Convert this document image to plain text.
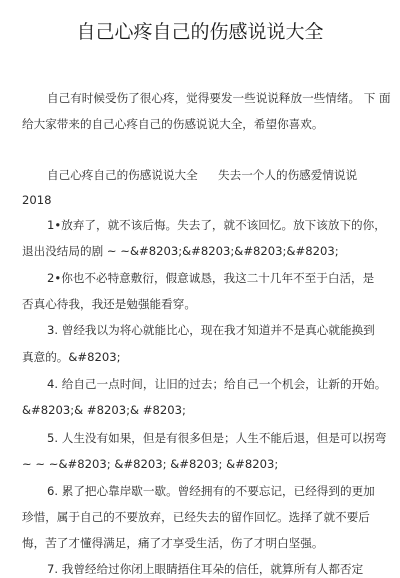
自己心疼自己的伤感说说大全
自己有时候受伤了很心疼，觉得要发一些说说释放一些情绪。 下 面
给大家带来的自己心疼自己的伤感说说大全，希望你喜欢。
自己心疼自己的伤感说说大全 失去一个人的伤感爱情说说
2018
1•放弃了，就不该后悔。失去了，就不该回忆。放下该放下的你，
退出没结局的剧 ~ ~&#8203;&#8203;&#8203;&#8203;
2•你也不必特意敷衍，假意诚恳，我这二十几年不至于白活，是
否真心待我，我还是勉强能看穿。
3. 曾经我以为将心就能比心，现在我才知道并不是真心就能换到
真意的。&#8203;
4. 给自己一点时间，让旧的过去；给自己一个机会，让新的开始。
&#8203;& #8203;& #8203;
5. 人生没有如果，但是有很多但是；人生不能后退，但是可以拐弯
~ ~ ~&#8203; &#8203; &#8203; &#8203;
6. 累了把心靠岸歇一歇。曾经拥有的不要忘记，已经得到的更加
珍惜，属于自己的不要放弃，已经失去的留作回忆。选择了就不要后
悔，苦了才懂得满足，痛了才享受生活，伤了才明白坚强。
7. 我曾经给过你闭上眼睛捂住耳朵的信任，就算所有人都否定
